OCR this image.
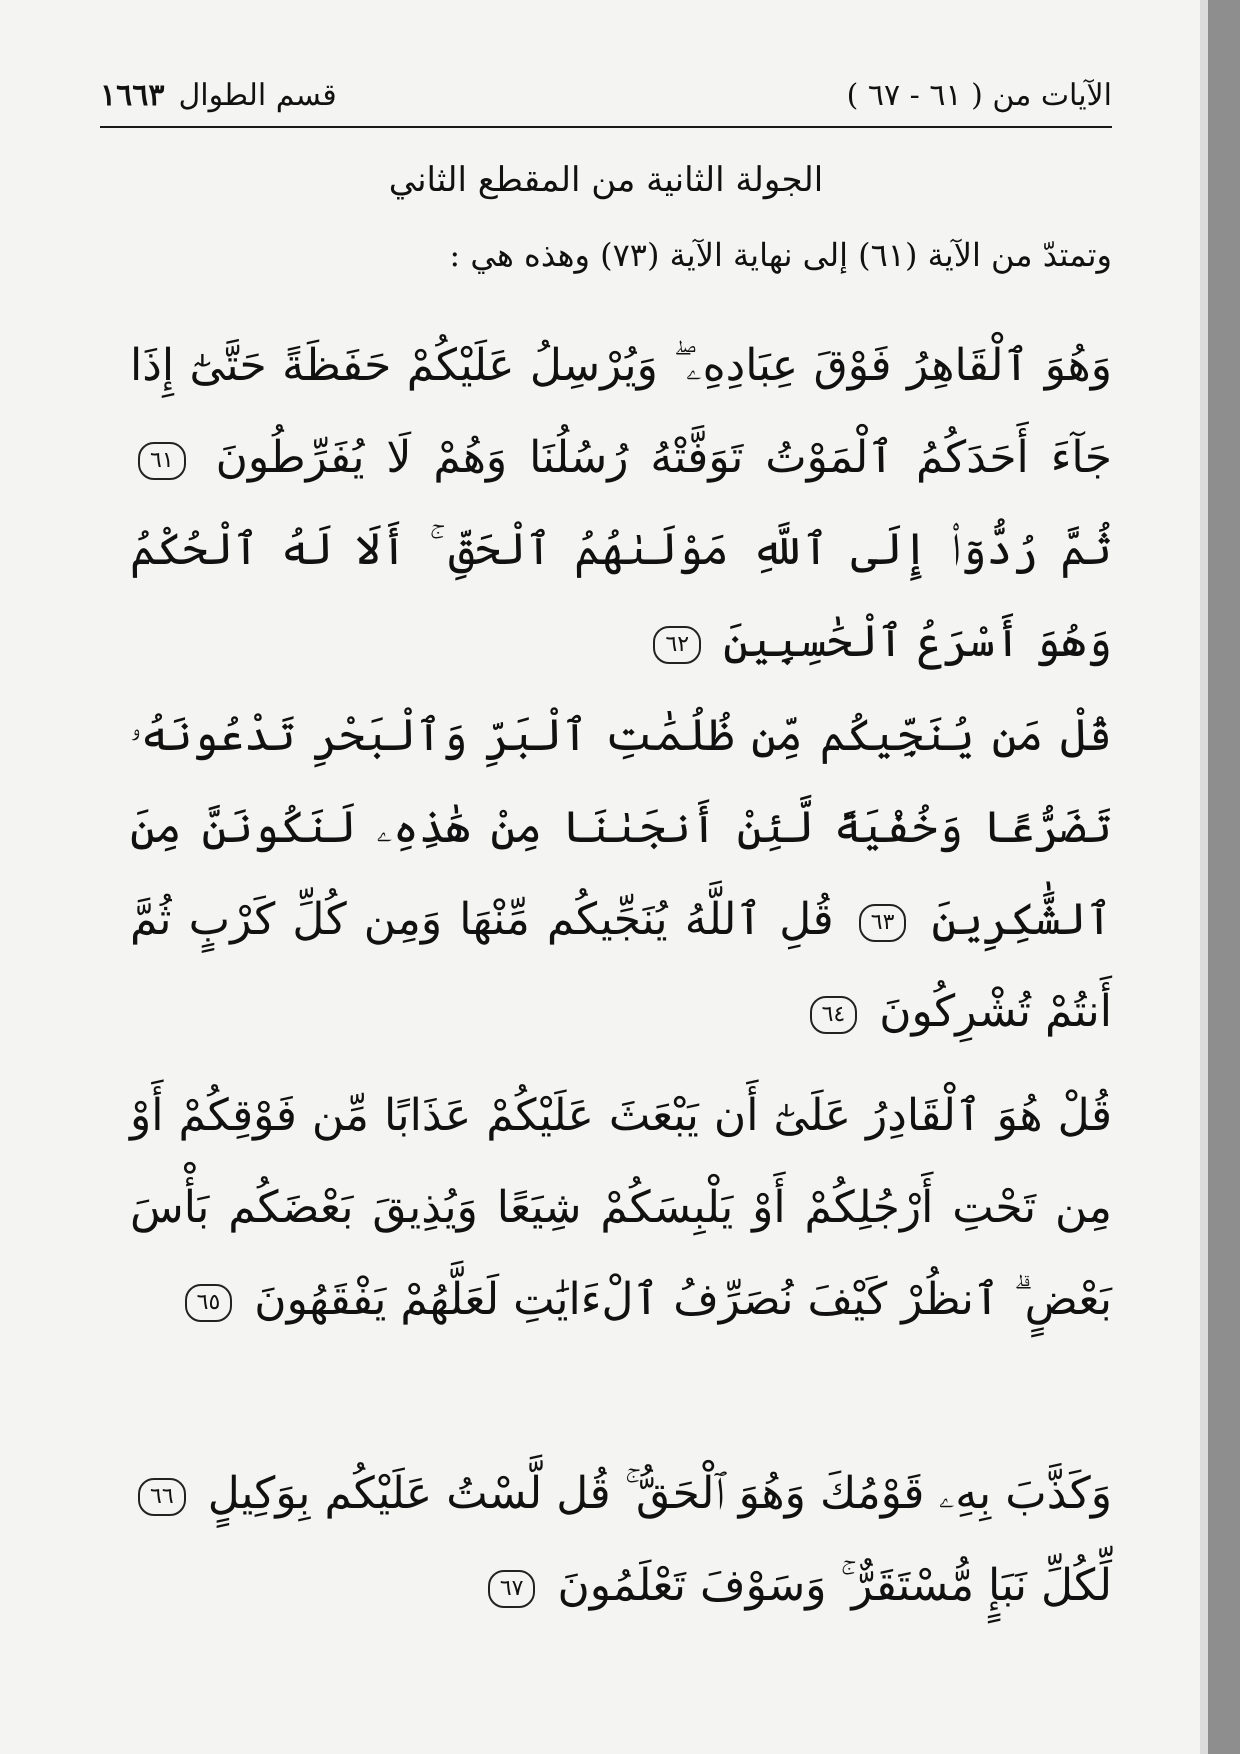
الآيات من ( ٦١ - ٦٧ )
قسم الطوال١٦٦٣
الجولة الثانية من المقطع الثاني
وتمتدّ من الآية (٦١) إلى نهاية الآية (٧٣) وهذه هي :
وَهُوَ ٱلْقَاهِرُ فَوْقَ عِبَادِهِۦ ۖ وَيُرْسِلُ عَلَيْكُمْ حَفَظَةً حَتَّىٰٓ إِذَا جَآءَ أَحَدَكُمُ ٱلْمَوْتُ تَوَفَّتْهُ رُسُلُنَا وَهُمْ لَا يُفَرِّطُونَ ٦١ ثُمَّ رُدُّوٓا۟ إِلَى ٱللَّهِ مَوْلَىٰهُمُ ٱلْحَقِّ ۚ أَلَا لَهُ ٱلْحُكْمُ وَهُوَ أَسْرَعُ ٱلْحَٰسِبِينَ ٦٢
قُلْ مَن يُنَجِّيكُم مِّن ظُلُمَٰتِ ٱلْبَرِّ وَٱلْبَحْرِ تَدْعُونَهُۥ تَضَرُّعًا وَخُفْيَةً لَّئِنْ أَنجَىٰنَا مِنْ هَٰذِهِۦ لَنَكُونَنَّ مِنَ ٱلشَّٰكِرِينَ ٦٣ قُلِ ٱللَّهُ يُنَجِّيكُم مِّنْهَا وَمِن كُلِّ كَرْبٍ ثُمَّ أَنتُمْ تُشْرِكُونَ ٦٤
قُلْ هُوَ ٱلْقَادِرُ عَلَىٰٓ أَن يَبْعَثَ عَلَيْكُمْ عَذَابًا مِّن فَوْقِكُمْ أَوْ مِن تَحْتِ أَرْجُلِكُمْ أَوْ يَلْبِسَكُمْ شِيَعًا وَيُذِيقَ بَعْضَكُم بَأْسَ بَعْضٍ ۗ ٱنظُرْ كَيْفَ نُصَرِّفُ ٱلْءَايَٰتِ لَعَلَّهُمْ يَفْقَهُونَ ٦٥
وَكَذَّبَ بِهِۦ قَوْمُكَ وَهُوَ ٱلْحَقُّ ۚ قُل لَّسْتُ عَلَيْكُم بِوَكِيلٍ ٦٦ لِّكُلِّ نَبَإٍ مُّسْتَقَرٌّ ۚ وَسَوْفَ تَعْلَمُونَ ٦٧
